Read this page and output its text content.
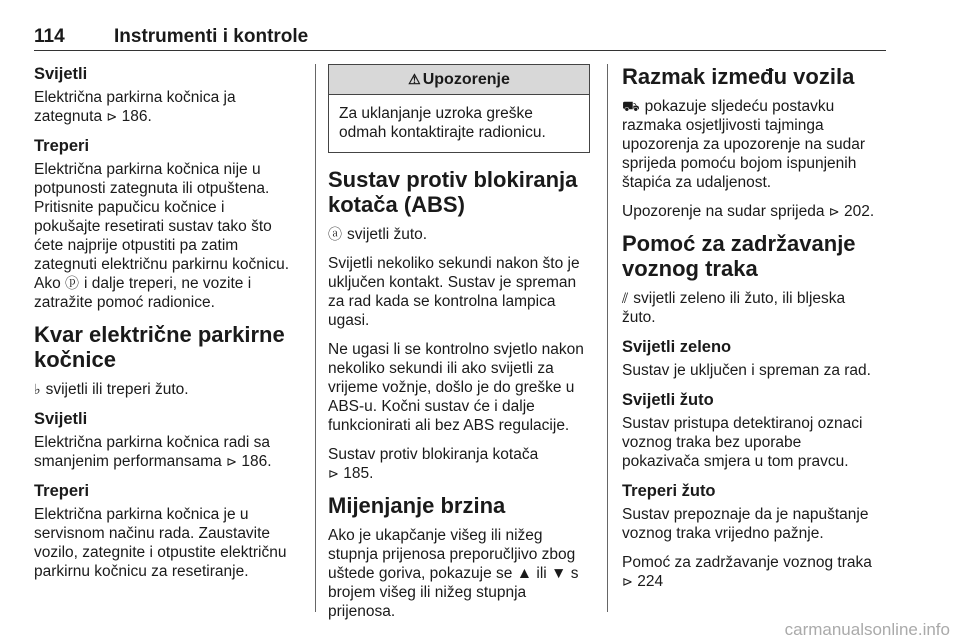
114	Instrumenti i kontrole
Svijetli
Električna parkirna kočnica ja
zategnuta ⊳ 186.
Treperi
Električna parkirna kočnica nije u
potpunosti zategnuta ili otpuštena.
Pritisnite papučicu kočnice i
pokušajte resetirati sustav tako što
ćete najprije otpustiti pa zatim
zategnuti električnu parkirnu kočnicu.
Ako ⓟ i dalje treperi, ne vozite i
zatražite pomoć radionice.
Kvar električne parkirne
kočnice
♭ svijetli ili treperi žuto.
Svijetli
Električna parkirna kočnica radi sa
smanjenim performansama ⊳ 186.
Treperi
Električna parkirna kočnica je u
servisnom načinu rada. Zaustavite
vozilo, zategnite i otpustite električnu
parkirnu kočnicu za resetiranje.
⚠ Upozorenje
Za uklanjanje uzroka greške
odmah kontaktirajte radionicu.
Sustav protiv blokiranja
kotača (ABS)
ⓐ svijetli žuto.
Svijetli nekoliko sekundi nakon što je
uključen kontakt. Sustav je spreman
za rad kada se kontrolna lampica
ugasi.
Ne ugasi li se kontrolno svjetlo nakon
nekoliko sekundi ili ako svijetli za
vrijeme vožnje, došlo je do greške u
ABS-u. Kočni sustav će i dalje
funkcionirati ali bez ABS regulacije.
Sustav protiv blokiranja kotača
⊳ 185.
Mijenjanje brzina
Ako je ukapčanje višeg ili nižeg
stupnja prijenosa preporučljivo zbog
uštede goriva, pokazuje se ▲ ili ▼ s
brojem višeg ili nižeg stupnja
prijenosa.
Razmak između vozila
⛟ pokazuje sljedeću postavku
razmaka osjetljivosti tajminga
upozorenja za upozorenje na sudar
sprijeda pomoću bojom ispunjenih
štapića za udaljenost.
Upozorenje na sudar sprijeda ⊳ 202.
Pomoć za zadržavanje
voznog traka
⫽ svijetli zeleno ili žuto, ili bljeska
žuto.
Svijetli zeleno
Sustav je uključen i spreman za rad.
Svijetli žuto
Sustav pristupa detektiranoj oznaci
voznog traka bez uporabe
pokazivača smjera u tom pravcu.
Treperi žuto
Sustav prepoznaje da je napuštanje
voznog traka vrijedno pažnje.
Pomoć za zadržavanje voznog traka
⊳ 224
carmanualsonline.info
